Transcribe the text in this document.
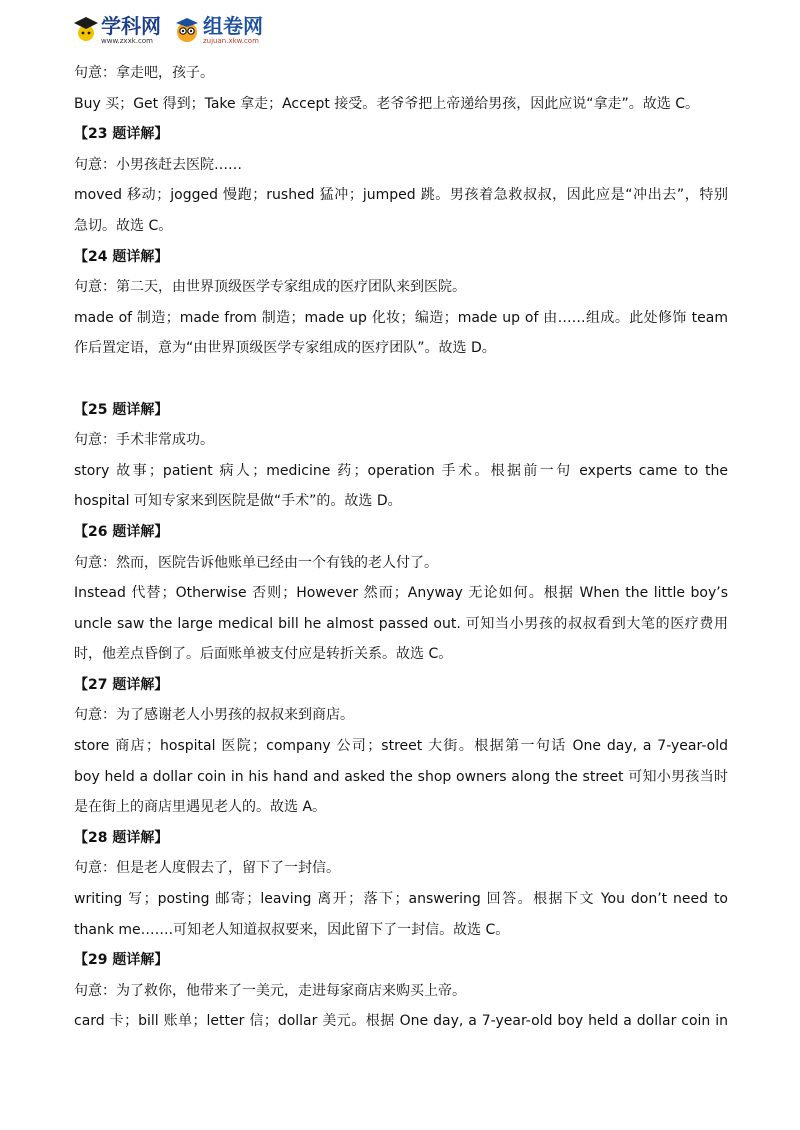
学科网
www.zxxk.com
组卷网
zujuan.xkw.com
句意：拿走吧，孩子。
Buy 买；Get 得到；Take 拿走；Accept 接受。老爷爷把上帝递给男孩，因此应说“拿走”。故选 C。
【23 题详解】
句意：小男孩赶去医院……
moved 移动；jogged 慢跑；rushed 猛冲；jumped 跳。男孩着急救叔叔，因此应是“冲出去”，特别
急切。故选 C。
【24 题详解】
句意：第二天，由世界顶级医学专家组成的医疗团队来到医院。
made of 制造；made from 制造；made up 化妆；编造；made up of 由……组成。此处修饰 team
作后置定语，意为“由世界顶级医学专家组成的医疗团队”。故选 D。
【25 题详解】
句意：手术非常成功。
story 故事；patient 病人；medicine 药；operation 手术。根据前一句 experts came to the
hospital 可知专家来到医院是做“手术”的。故选 D。
【26 题详解】
句意：然而，医院告诉他账单已经由一个有钱的老人付了。
Instead 代替；Otherwise 否则；However 然而；Anyway 无论如何。根据 When the little boy’s
uncle saw the large medical bill he almost passed out. 可知当小男孩的叔叔看到大笔的医疗费用
时，他差点昏倒了。后面账单被支付应是转折关系。故选 C。
【27 题详解】
句意：为了感谢老人小男孩的叔叔来到商店。
store 商店；hospital 医院；company 公司；street 大街。根据第一句话 One day, a 7-year-old
boy held a dollar coin in his hand and asked the shop owners along the street 可知小男孩当时
是在街上的商店里遇见老人的。故选 A。
【28 题详解】
句意：但是老人度假去了，留下了一封信。
writing 写；posting 邮寄；leaving 离开；落下；answering 回答。根据下文 You don’t need to
thank me…….可知老人知道叔叔要来，因此留下了一封信。故选 C。
【29 题详解】
句意：为了救你，他带来了一美元，走进每家商店来购买上帝。
card 卡；bill 账单；letter 信；dollar 美元。根据 One day, a 7-year-old boy held a dollar coin in
